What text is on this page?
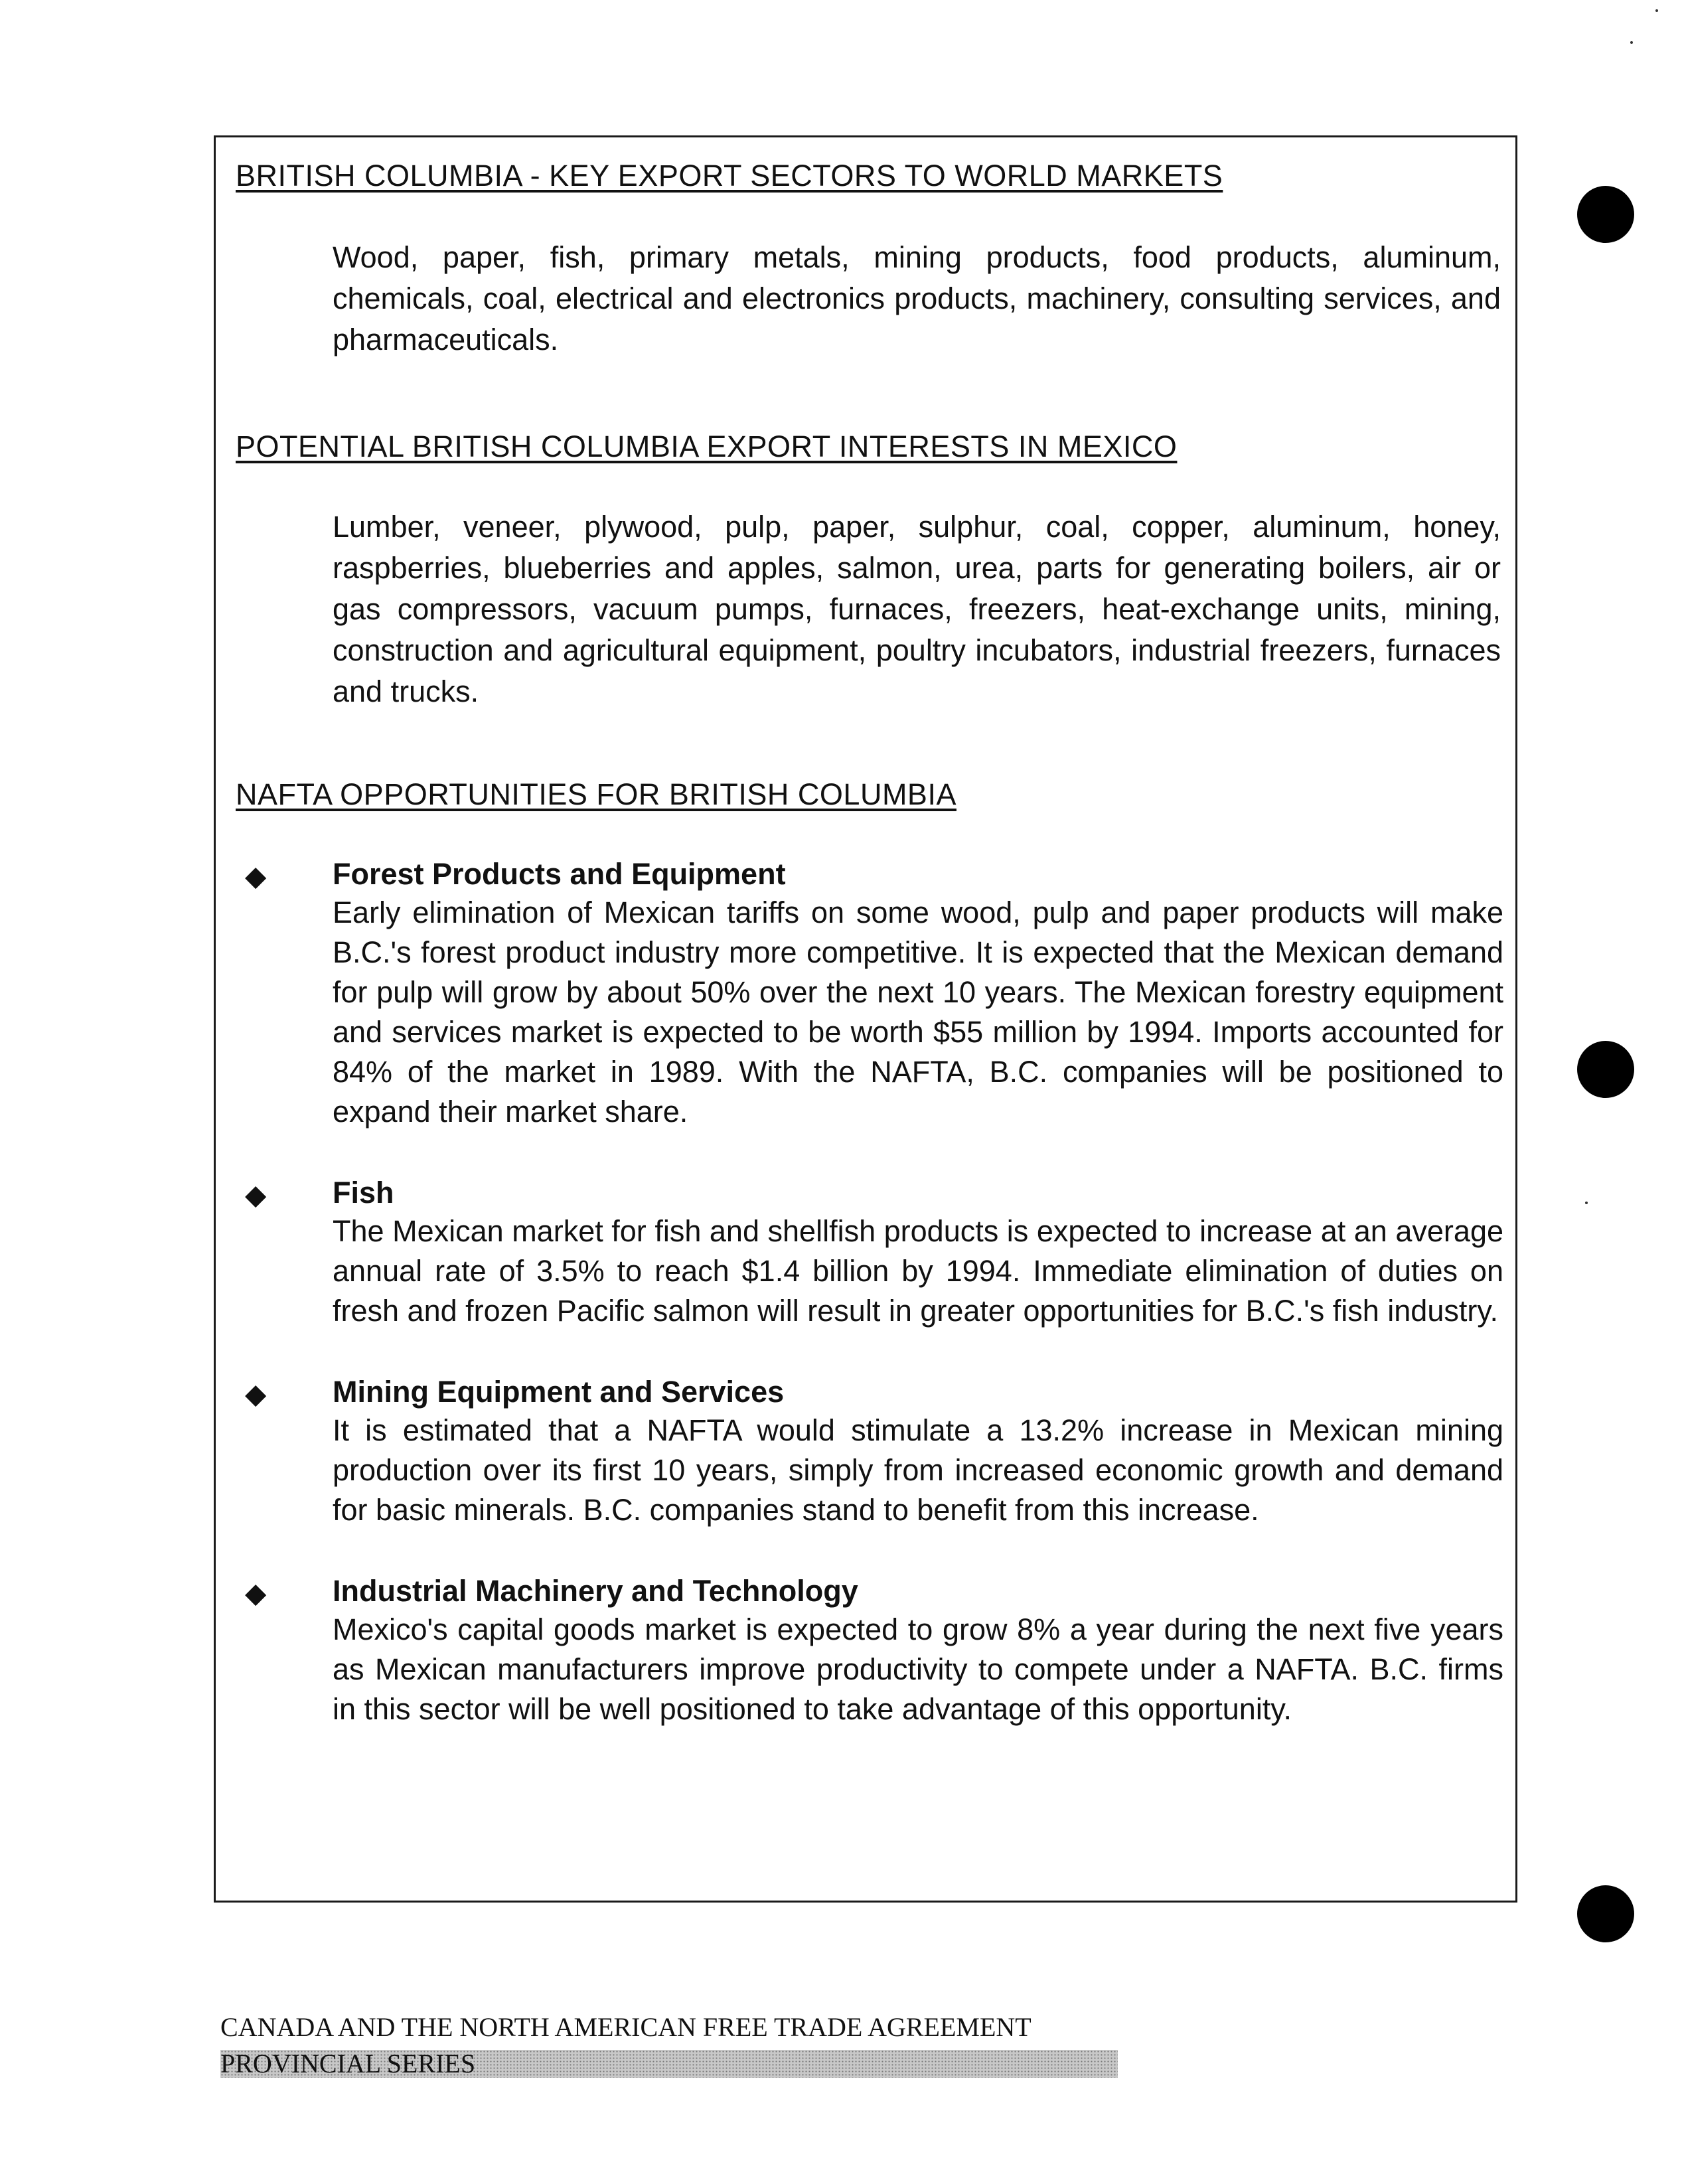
BRITISH COLUMBIA - KEY EXPORT SECTORS TO WORLD MARKETS

Wood, paper, fish, primary metals, mining products, food products, aluminum, chemicals, coal, electrical and electronics products, machinery, consulting services, and pharmaceuticals.

POTENTIAL BRITISH COLUMBIA EXPORT INTERESTS IN MEXICO

Lumber, veneer, plywood, pulp, paper, sulphur, coal, copper, aluminum, honey, raspberries, blueberries and apples, salmon, urea, parts for generating boilers, air or gas compressors, vacuum pumps, furnaces, freezers, heat-exchange units, mining, construction and agricultural equipment, poultry incubators, industrial freezers, furnaces and trucks.

NAFTA OPPORTUNITIES FOR BRITISH COLUMBIA
◆ Forest Products and Equipment

Early elimination of Mexican tariffs on some wood, pulp and paper products will make B.C.'s forest product industry more competitive. It is expected that the Mexican demand for pulp will grow by about 50% over the next 10 years. The Mexican forestry equipment and services market is expected to be worth $55 million by 1994. Imports accounted for 84% of the market in 1989. With the NAFTA, B.C. companies will be positioned to expand their market share.

◆ Fish

The Mexican market for fish and shellfish products is expected to increase at an average annual rate of 3.5% to reach $1.4 billion by 1994. Immediate elimination of duties on fresh and frozen Pacific salmon will result in greater opportunities for B.C.'s fish industry.

◆ Mining Equipment and Services

It is estimated that a NAFTA would stimulate a 13.2% increase in Mexican mining production over its first 10 years, simply from increased economic growth and demand for basic minerals. B.C. companies stand to benefit from this increase.

◆ Industrial Machinery and Technology

Mexico's capital goods market is expected to grow 8% a year during the next five years as Mexican manufacturers improve productivity to compete under a NAFTA. B.C. firms in this sector will be well positioned to take advantage of this opportunity.

CANADA AND THE NORTH AMERICAN FREE TRADE AGREEMENT
PROVINCIAL SERIES
